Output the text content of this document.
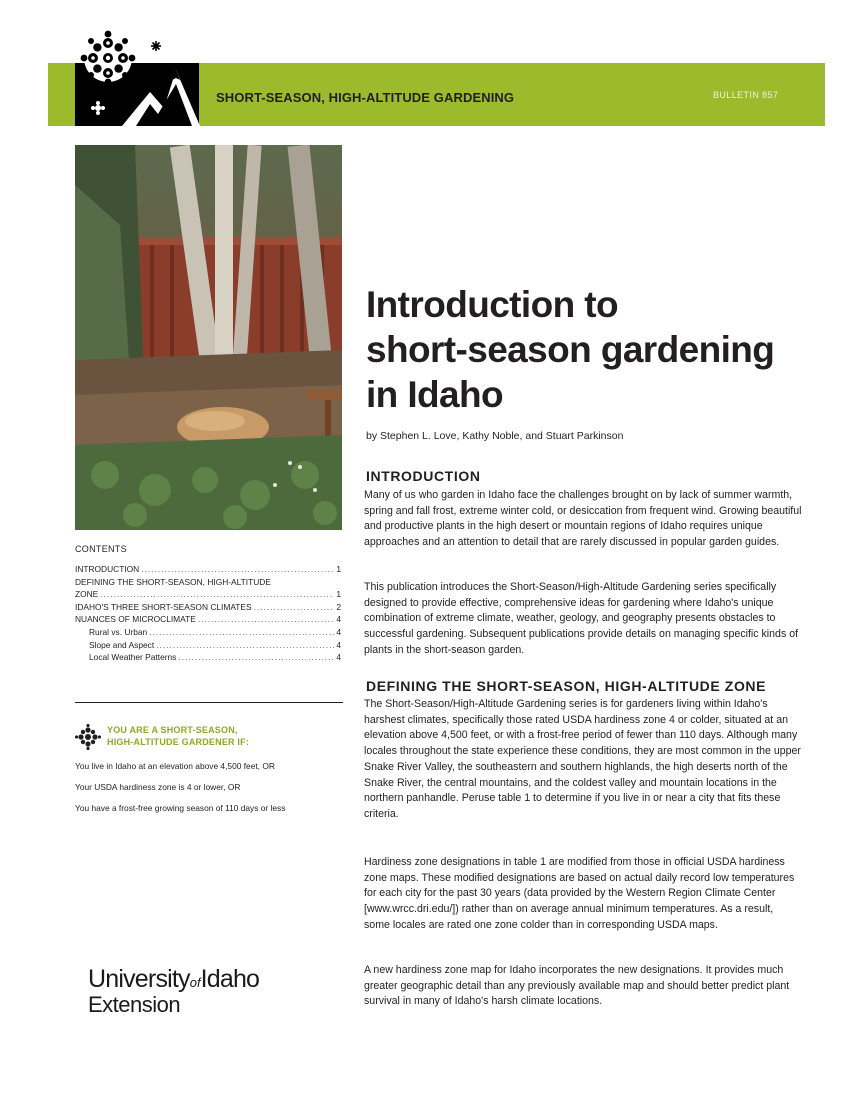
SHORT-SEASON, HIGH-ALTITUDE GARDENING	BULLETIN 857
CONTENTS
INTRODUCTION .....	1
DEFINING THE SHORT-SEASON, HIGH-ALTITUDE
ZONE .....	1
IDAHO'S THREE SHORT-SEASON CLIMATES .....	2
NUANCES OF MICROCLIMATE .....	4
Rural vs. Urban .....	4
Slope and Aspect .....	4
Local Weather Patterns .....	4
YOU ARE A SHORT-SEASON,
HIGH-ALTITUDE GARDENER IF:
You live in Idaho at an elevation above 4,500 feet, OR
Your USDA hardiness zone is 4 or lower, OR
You have a frost-free growing season of 110 days or less
UniversityofIdaho
Extension
Introduction to
short-season gardening
in Idaho
by Stephen L. Love, Kathy Noble, and Stuart Parkinson
INTRODUCTION

Many of us who garden in Idaho face the challenges brought on by lack of summer warmth, spring and fall frost, extreme winter cold, or desiccation from frequent wind. Growing beautiful and productive plants in the high desert or mountain regions of Idaho requires unique approaches and an attention to detail that are rarely discussed in popular garden guides.

This publication introduces the Short-Season/High-Altitude Gardening series specifically designed to provide effective, comprehensive ideas for gardening where Idaho's unique combination of extreme climate, weather, geology, and geography presents obstacles to successful gardening. Subsequent publications provide details on managing specific kinds of plants in the short-season garden.

DEFINING THE SHORT-SEASON, HIGH-ALTITUDE ZONE

The Short-Season/High-Altitude Gardening series is for gardeners living within Idaho's harshest climates, specifically those rated USDA hardiness zone 4 or colder, situated at an elevation above 4,500 feet, or with a frost-free period of fewer than 110 days. Although many locales throughout the state experience these conditions, they are most common in the upper Snake River Valley, the southeastern and southern highlands, the high deserts north of the Snake River, the central mountains, and the coldest valley and mountain locations in the northern panhandle. Peruse table 1 to determine if you live in or near a city that fits these criteria.

Hardiness zone designations in table 1 are modified from those in official USDA hardiness zone maps. These modified designations are based on actual daily record low temperatures for each city for the past 30 years (data provided by the Western Region Climate Center [www.wrcc.dri.edu/]) rather than on average annual minimum temperatures. As a result, some locales are rated one zone colder than in corresponding USDA maps.

A new hardiness zone map for Idaho incorporates the new designations. It provides much greater geographic detail than any previously available map and should better predict plant survival in many of Idaho's harsh climate locations.
